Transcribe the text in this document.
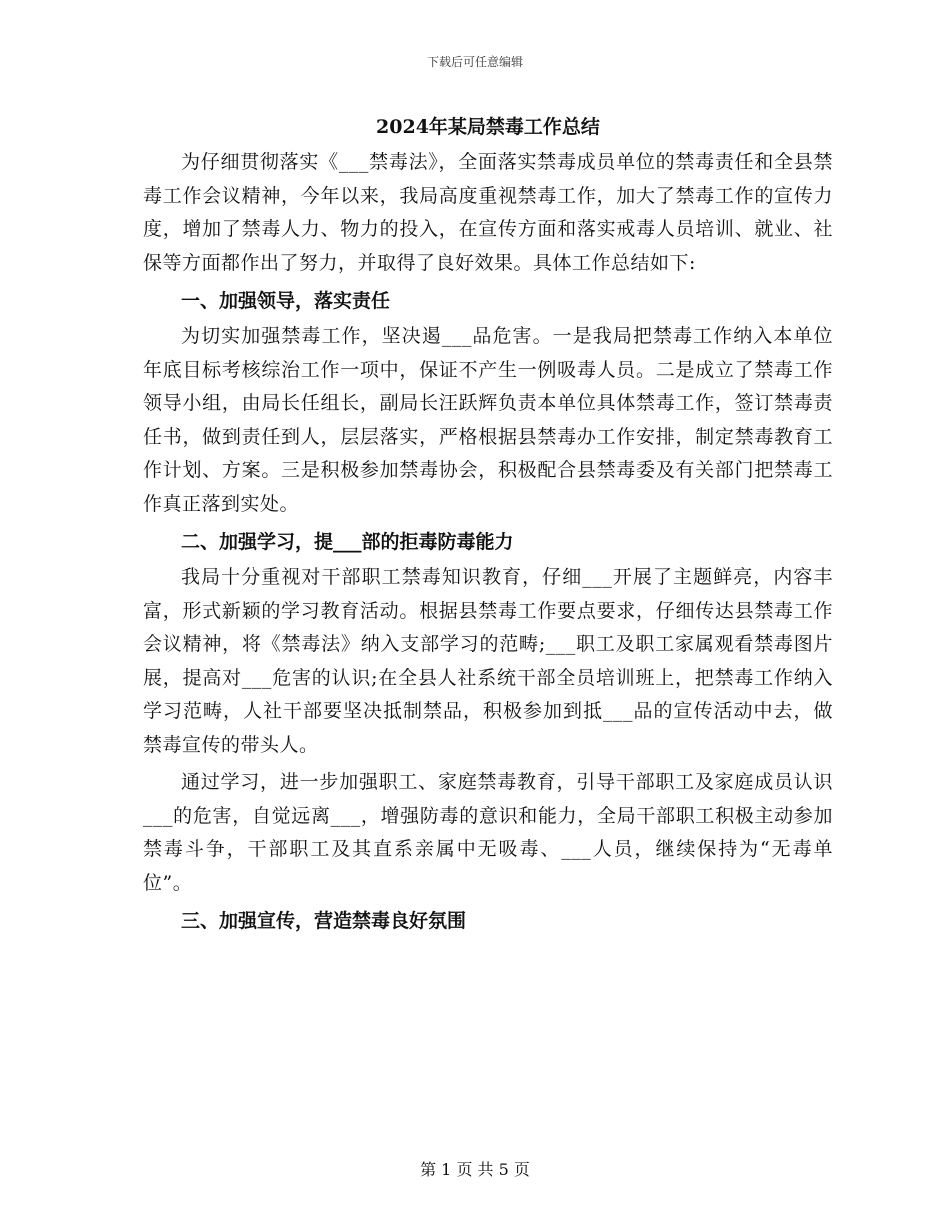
下载后可任意编辑
2024年某局禁毒工作总结

为仔细贯彻落实《___禁毒法》，全面落实禁毒成员单位的禁毒责任和全县禁毒工作会议精神，今年以来，我局高度重视禁毒工作，加大了禁毒工作的宣传力度，增加了禁毒人力、物力的投入，在宣传方面和落实戒毒人员培训、就业、社保等方面都作出了努力，并取得了良好效果。具体工作总结如下:

一、加强领导，落实责任

为切实加强禁毒工作，坚决遏___品危害。一是我局把禁毒工作纳入本单位年底目标考核综治工作一项中，保证不产生一例吸毒人员。二是成立了禁毒工作领导小组，由局长任组长，副局长汪跃辉负责本单位具体禁毒工作，签订禁毒责任书，做到责任到人，层层落实，严格根据县禁毒办工作安排，制定禁毒教育工作计划、方案。三是积极参加禁毒协会，积极配合县禁毒委及有关部门把禁毒工作真正落到实处。

二、加强学习，提___部的拒毒防毒能力

我局十分重视对干部职工禁毒知识教育，仔细___开展了主题鲜亮，内容丰富，形式新颖的学习教育活动。根据县禁毒工作要点要求，仔细传达县禁毒工作会议精神，将《禁毒法》纳入支部学习的范畴;___职工及职工家属观看禁毒图片展，提高对___危害的认识;在全县人社系统干部全员培训班上，把禁毒工作纳入学习范畴，人社干部要坚决抵制禁品，积极参加到抵___品的宣传活动中去，做禁毒宣传的带头人。

通过学习，进一步加强职工、家庭禁毒教育，引导干部职工及家庭成员认识___的危害，自觉远离___，增强防毒的意识和能力，全局干部职工积极主动参加禁毒斗争，干部职工及其直系亲属中无吸毒、___人员，继续保持为“无毒单位”。

三、加强宣传，营造禁毒良好氛围
第 1 页 共 5 页
